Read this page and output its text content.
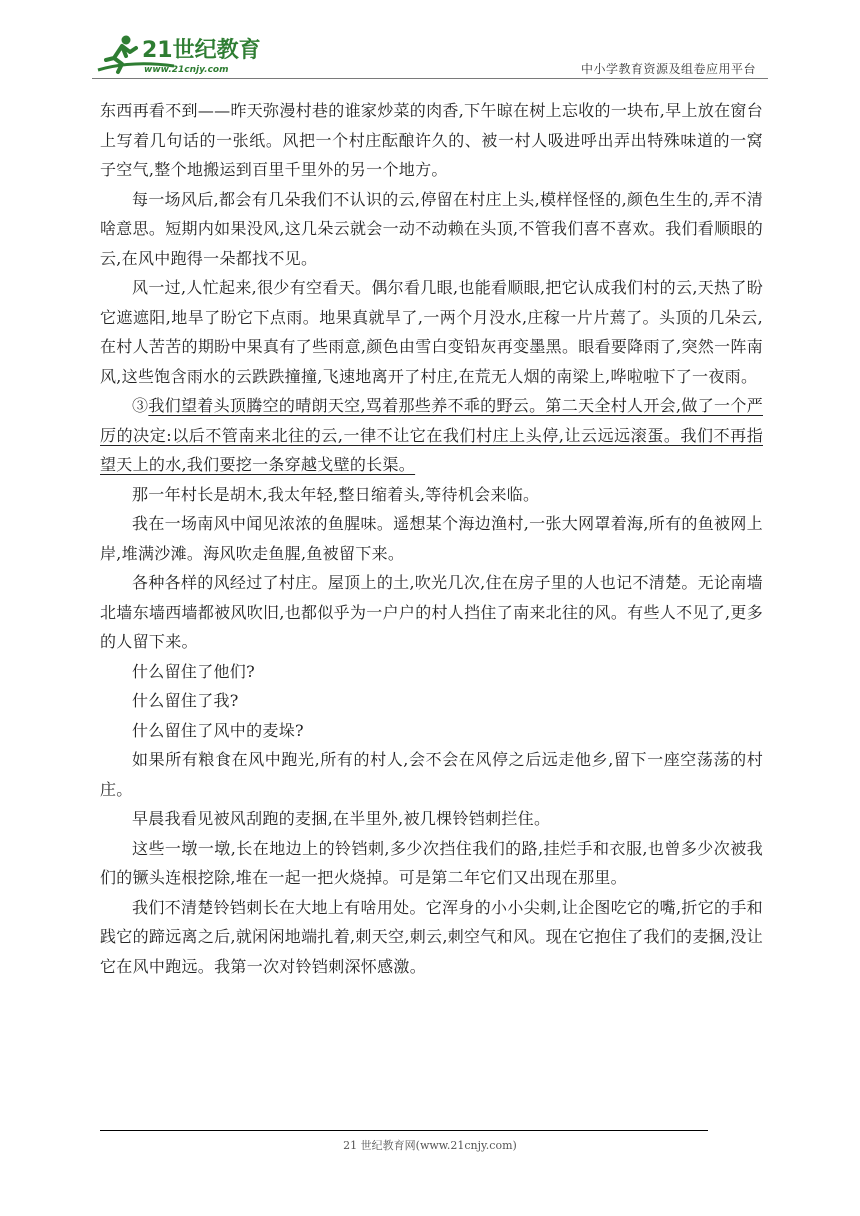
21世纪教育
www.21cnjy.com	中小学教育资源及组卷应用平台

东西再看不到——昨天弥漫村巷的谁家炒菜的肉香,下午晾在树上忘收的一块布,早上放在窗台上写着几句话的一张纸。风把一个村庄酝酿许久的、被一村人吸进呼出弄出特殊味道的一窝子空气,整个地搬运到百里千里外的另一个地方。

每一场风后,都会有几朵我们不认识的云,停留在村庄上头,模样怪怪的,颜色生生的,弄不清啥意思。短期内如果没风,这几朵云就会一动不动赖在头顶,不管我们喜不喜欢。我们看顺眼的云,在风中跑得一朵都找不见。

风一过,人忙起来,很少有空看天。偶尔看几眼,也能看顺眼,把它认成我们村的云,天热了盼它遮遮阳,地旱了盼它下点雨。地果真就旱了,一两个月没水,庄稼一片片蔫了。头顶的几朵云,在村人苦苦的期盼中果真有了些雨意,颜色由雪白变铅灰再变墨黑。眼看要降雨了,突然一阵南风,这些饱含雨水的云跌跌撞撞,飞速地离开了村庄,在荒无人烟的南梁上,哗啦啦下了一夜雨。

③我们望着头顶腾空的晴朗天空,骂着那些养不乖的野云。第二天全村人开会,做了一个严厉的决定:以后不管南来北往的云,一律不让它在我们村庄上头停,让云远远滚蛋。我们不再指望天上的水,我们要挖一条穿越戈壁的长渠。

那一年村长是胡木,我太年轻,整日缩着头,等待机会来临。

我在一场南风中闻见浓浓的鱼腥味。遥想某个海边渔村,一张大网罩着海,所有的鱼被网上岸,堆满沙滩。海风吹走鱼腥,鱼被留下来。

各种各样的风经过了村庄。屋顶上的土,吹光几次,住在房子里的人也记不清楚。无论南墙北墙东墙西墙都被风吹旧,也都似乎为一户户的村人挡住了南来北往的风。有些人不见了,更多的人留下来。

什么留住了他们?

什么留住了我?

什么留住了风中的麦垛?

如果所有粮食在风中跑光,所有的村人,会不会在风停之后远走他乡,留下一座空荡荡的村庄。

早晨我看见被风刮跑的麦捆,在半里外,被几棵铃铛刺拦住。

这些一墩一墩,长在地边上的铃铛刺,多少次挡住我们的路,挂烂手和衣服,也曾多少次被我们的镢头连根挖除,堆在一起一把火烧掉。可是第二年它们又出现在那里。

我们不清楚铃铛刺长在大地上有啥用处。它浑身的小小尖刺,让企图吃它的嘴,折它的手和践它的蹄远离之后,就闲闲地端扎着,刺天空,刺云,刺空气和风。现在它抱住了我们的麦捆,没让它在风中跑远。我第一次对铃铛刺深怀感激。

21 世纪教育网(www.21cnjy.com)
